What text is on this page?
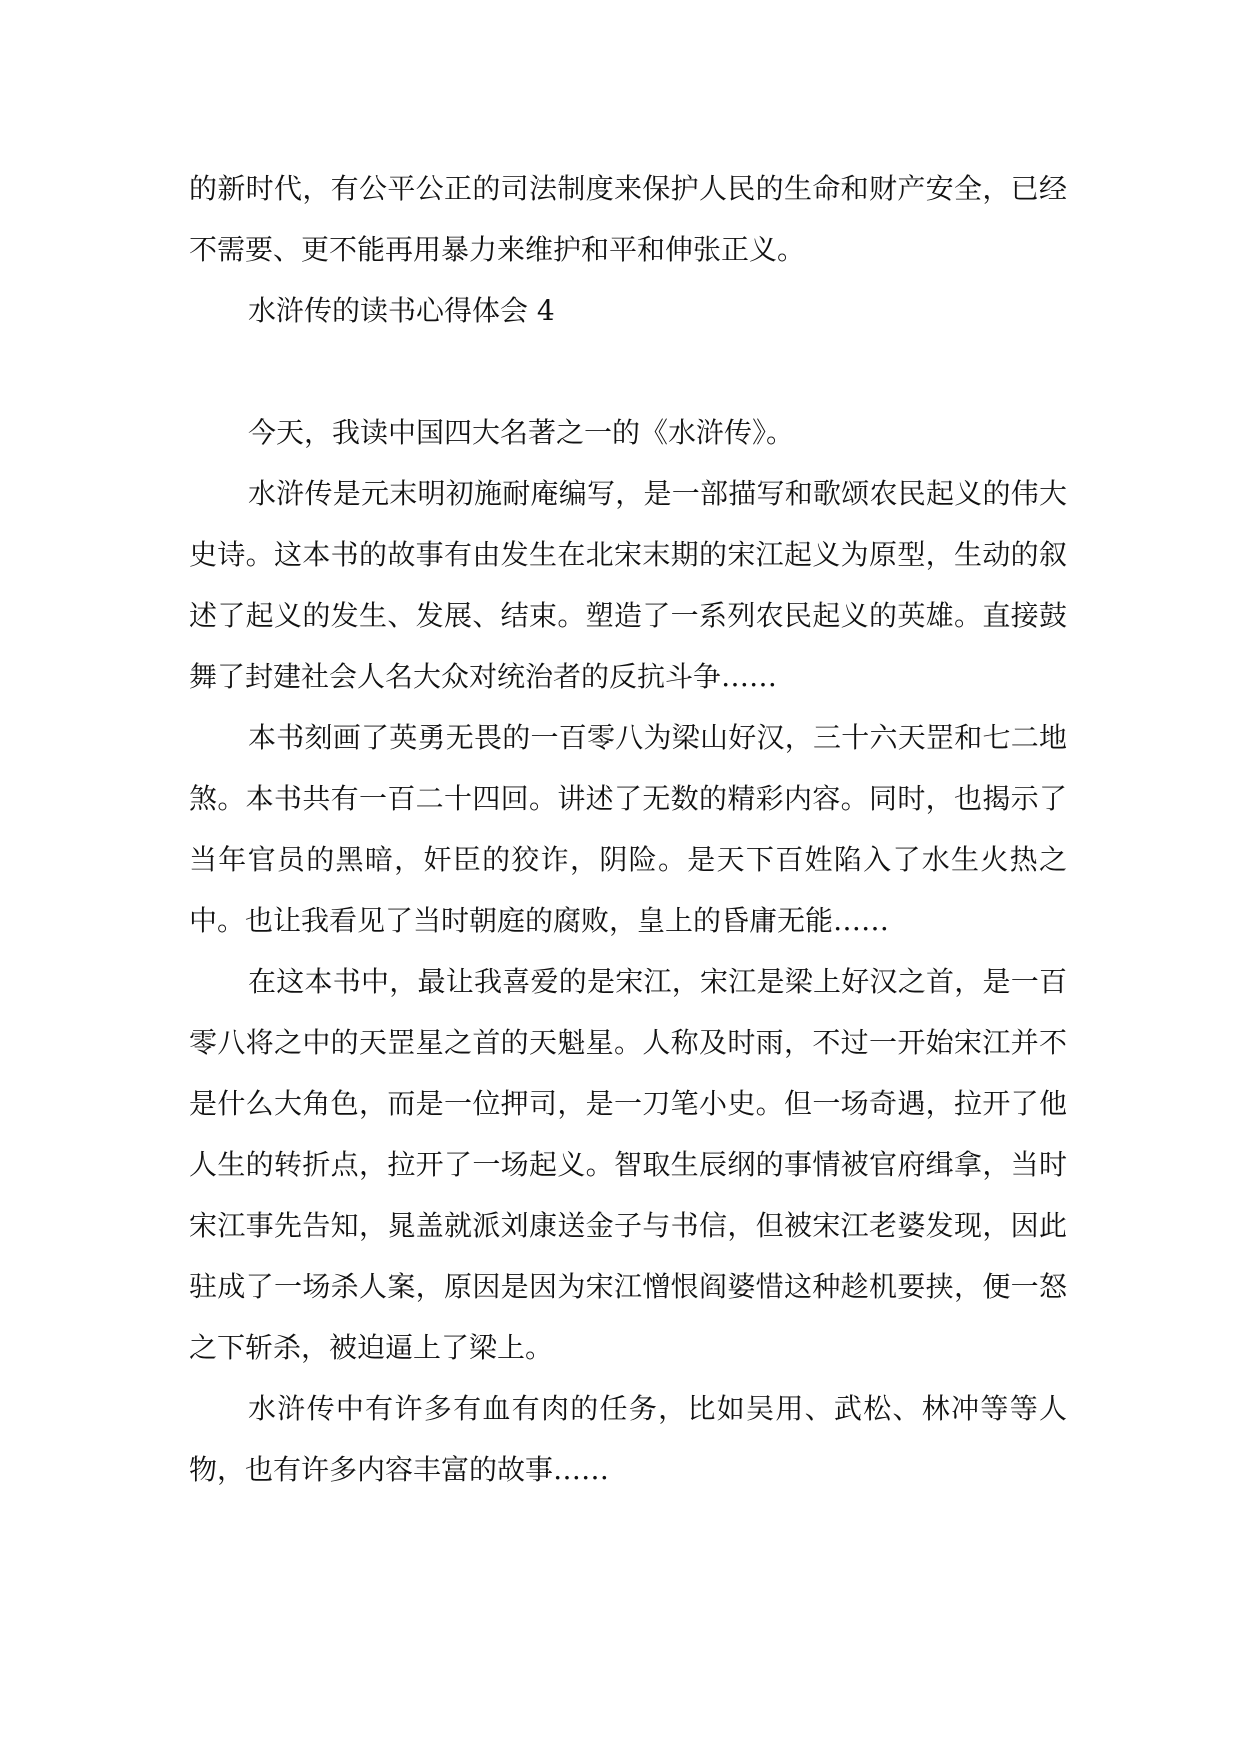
的新时代，有公平公正的司法制度来保护人民的生命和财产安全，已经不需要、更不能再用暴力来维护和平和伸张正义。

水浒传的读书心得体会 4

今天，我读中国四大名著之一的《水浒传》。

水浒传是元末明初施耐庵编写，是一部描写和歌颂农民起义的伟大史诗。这本书的故事有由发生在北宋末期的宋江起义为原型，生动的叙述了起义的发生、发展、结束。塑造了一系列农民起义的英雄。直接鼓舞了封建社会人名大众对统治者的反抗斗争……

本书刻画了英勇无畏的一百零八为梁山好汉，三十六天罡和七二地煞。本书共有一百二十四回。讲述了无数的精彩内容。同时，也揭示了当年官员的黑暗，奸臣的狡诈，阴险。是天下百姓陷入了水生火热之中。也让我看见了当时朝庭的腐败，皇上的昏庸无能……

在这本书中，最让我喜爱的是宋江，宋江是梁上好汉之首，是一百零八将之中的天罡星之首的天魁星。人称及时雨，不过一开始宋江并不是什么大角色，而是一位押司，是一刀笔小史。但一场奇遇，拉开了他人生的转折点，拉开了一场起义。智取生辰纲的事情被官府缉拿，当时宋江事先告知，晁盖就派刘康送金子与书信，但被宋江老婆发现，因此驻成了一场杀人案，原因是因为宋江憎恨阎婆惜这种趁机要挟，便一怒之下斩杀，被迫逼上了梁上。

水浒传中有许多有血有肉的任务，比如吴用、武松、林冲等等人物，也有许多内容丰富的故事……
